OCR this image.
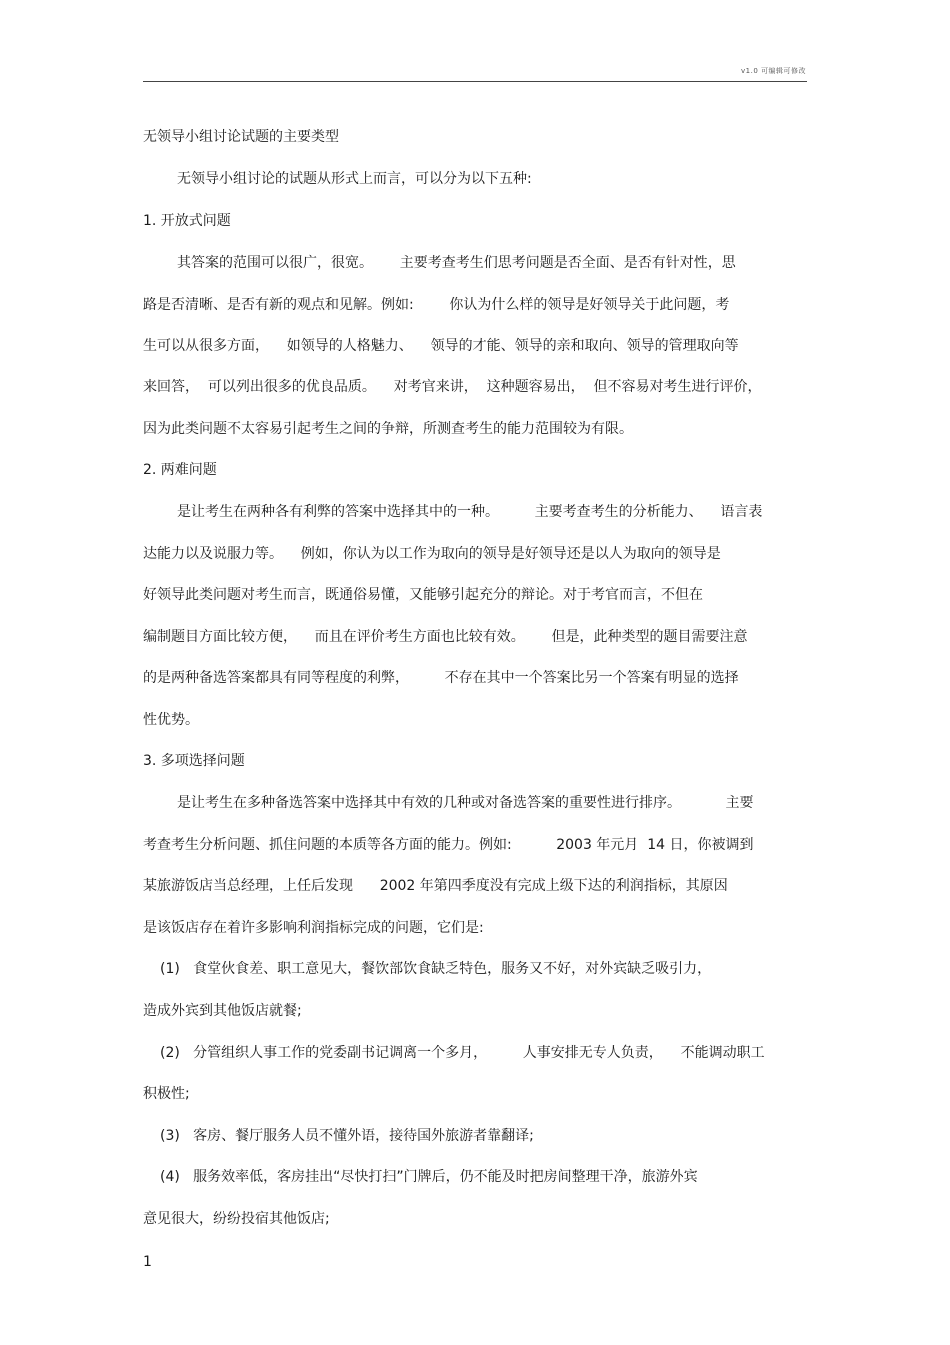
v1.0 可编辑可修改
无领导小组讨论试题的主要类型
无领导小组讨论的试题从形式上而言，可以分为以下五种:
1. 开放式问题
其答案的范围可以很广，很宽。      主要考查考生们思考问题是否全面、是否有针对性，思
路是否清晰、是否有新的观点和见解。例如:        你认为什么样的领导是好领导关于此问题，考
生可以从很多方面，    如领导的人格魅力、    领导的才能、领导的亲和取向、领导的管理取向等
来回答，  可以列出很多的优良品质。    对考官来讲，  这种题容易出，  但不容易对考生进行评价，
因为此类问题不太容易引起考生之间的争辩，所测查考生的能力范围较为有限。
2. 两难问题
是让考生在两种各有利弊的答案中选择其中的一种。        主要考查考生的分析能力、    语言表
达能力以及说服力等。    例如，你认为以工作为取向的领导是好领导还是以人为取向的领导是
好领导此类问题对考生而言，既通俗易懂，又能够引起充分的辩论。对于考官而言，不但在
编制题目方面比较方便，    而且在评价考生方面也比较有效。      但是，此种类型的题目需要注意
的是两种备选答案都具有同等程度的利弊，        不存在其中一个答案比另一个答案有明显的选择
性优势。
3. 多项选择问题
是让考生在多种备选答案中选择其中有效的几种或对备选答案的重要性进行排序。          主要
考查考生分析问题、抓住问题的本质等各方面的能力。例如:          2003 年元月  14 日，你被调到
某旅游饭店当总经理，上任后发现      2002 年第四季度没有完成上级下达的利润指标，其原因
是该饭店存在着许多影响利润指标完成的问题，它们是:
(1)   食堂伙食差、职工意见大，餐饮部饮食缺乏特色，服务又不好，对外宾缺乏吸引力，
造成外宾到其他饭店就餐;
(2)   分管组织人事工作的党委副书记调离一个多月，        人事安排无专人负责，    不能调动职工
积极性;
(3)   客房、餐厅服务人员不懂外语，接待国外旅游者靠翻译;
(4)   服务效率低，客房挂出“尽快打扫”门牌后，仍不能及时把房间整理干净，旅游外宾
意见很大，纷纷投宿其他饭店;
1
